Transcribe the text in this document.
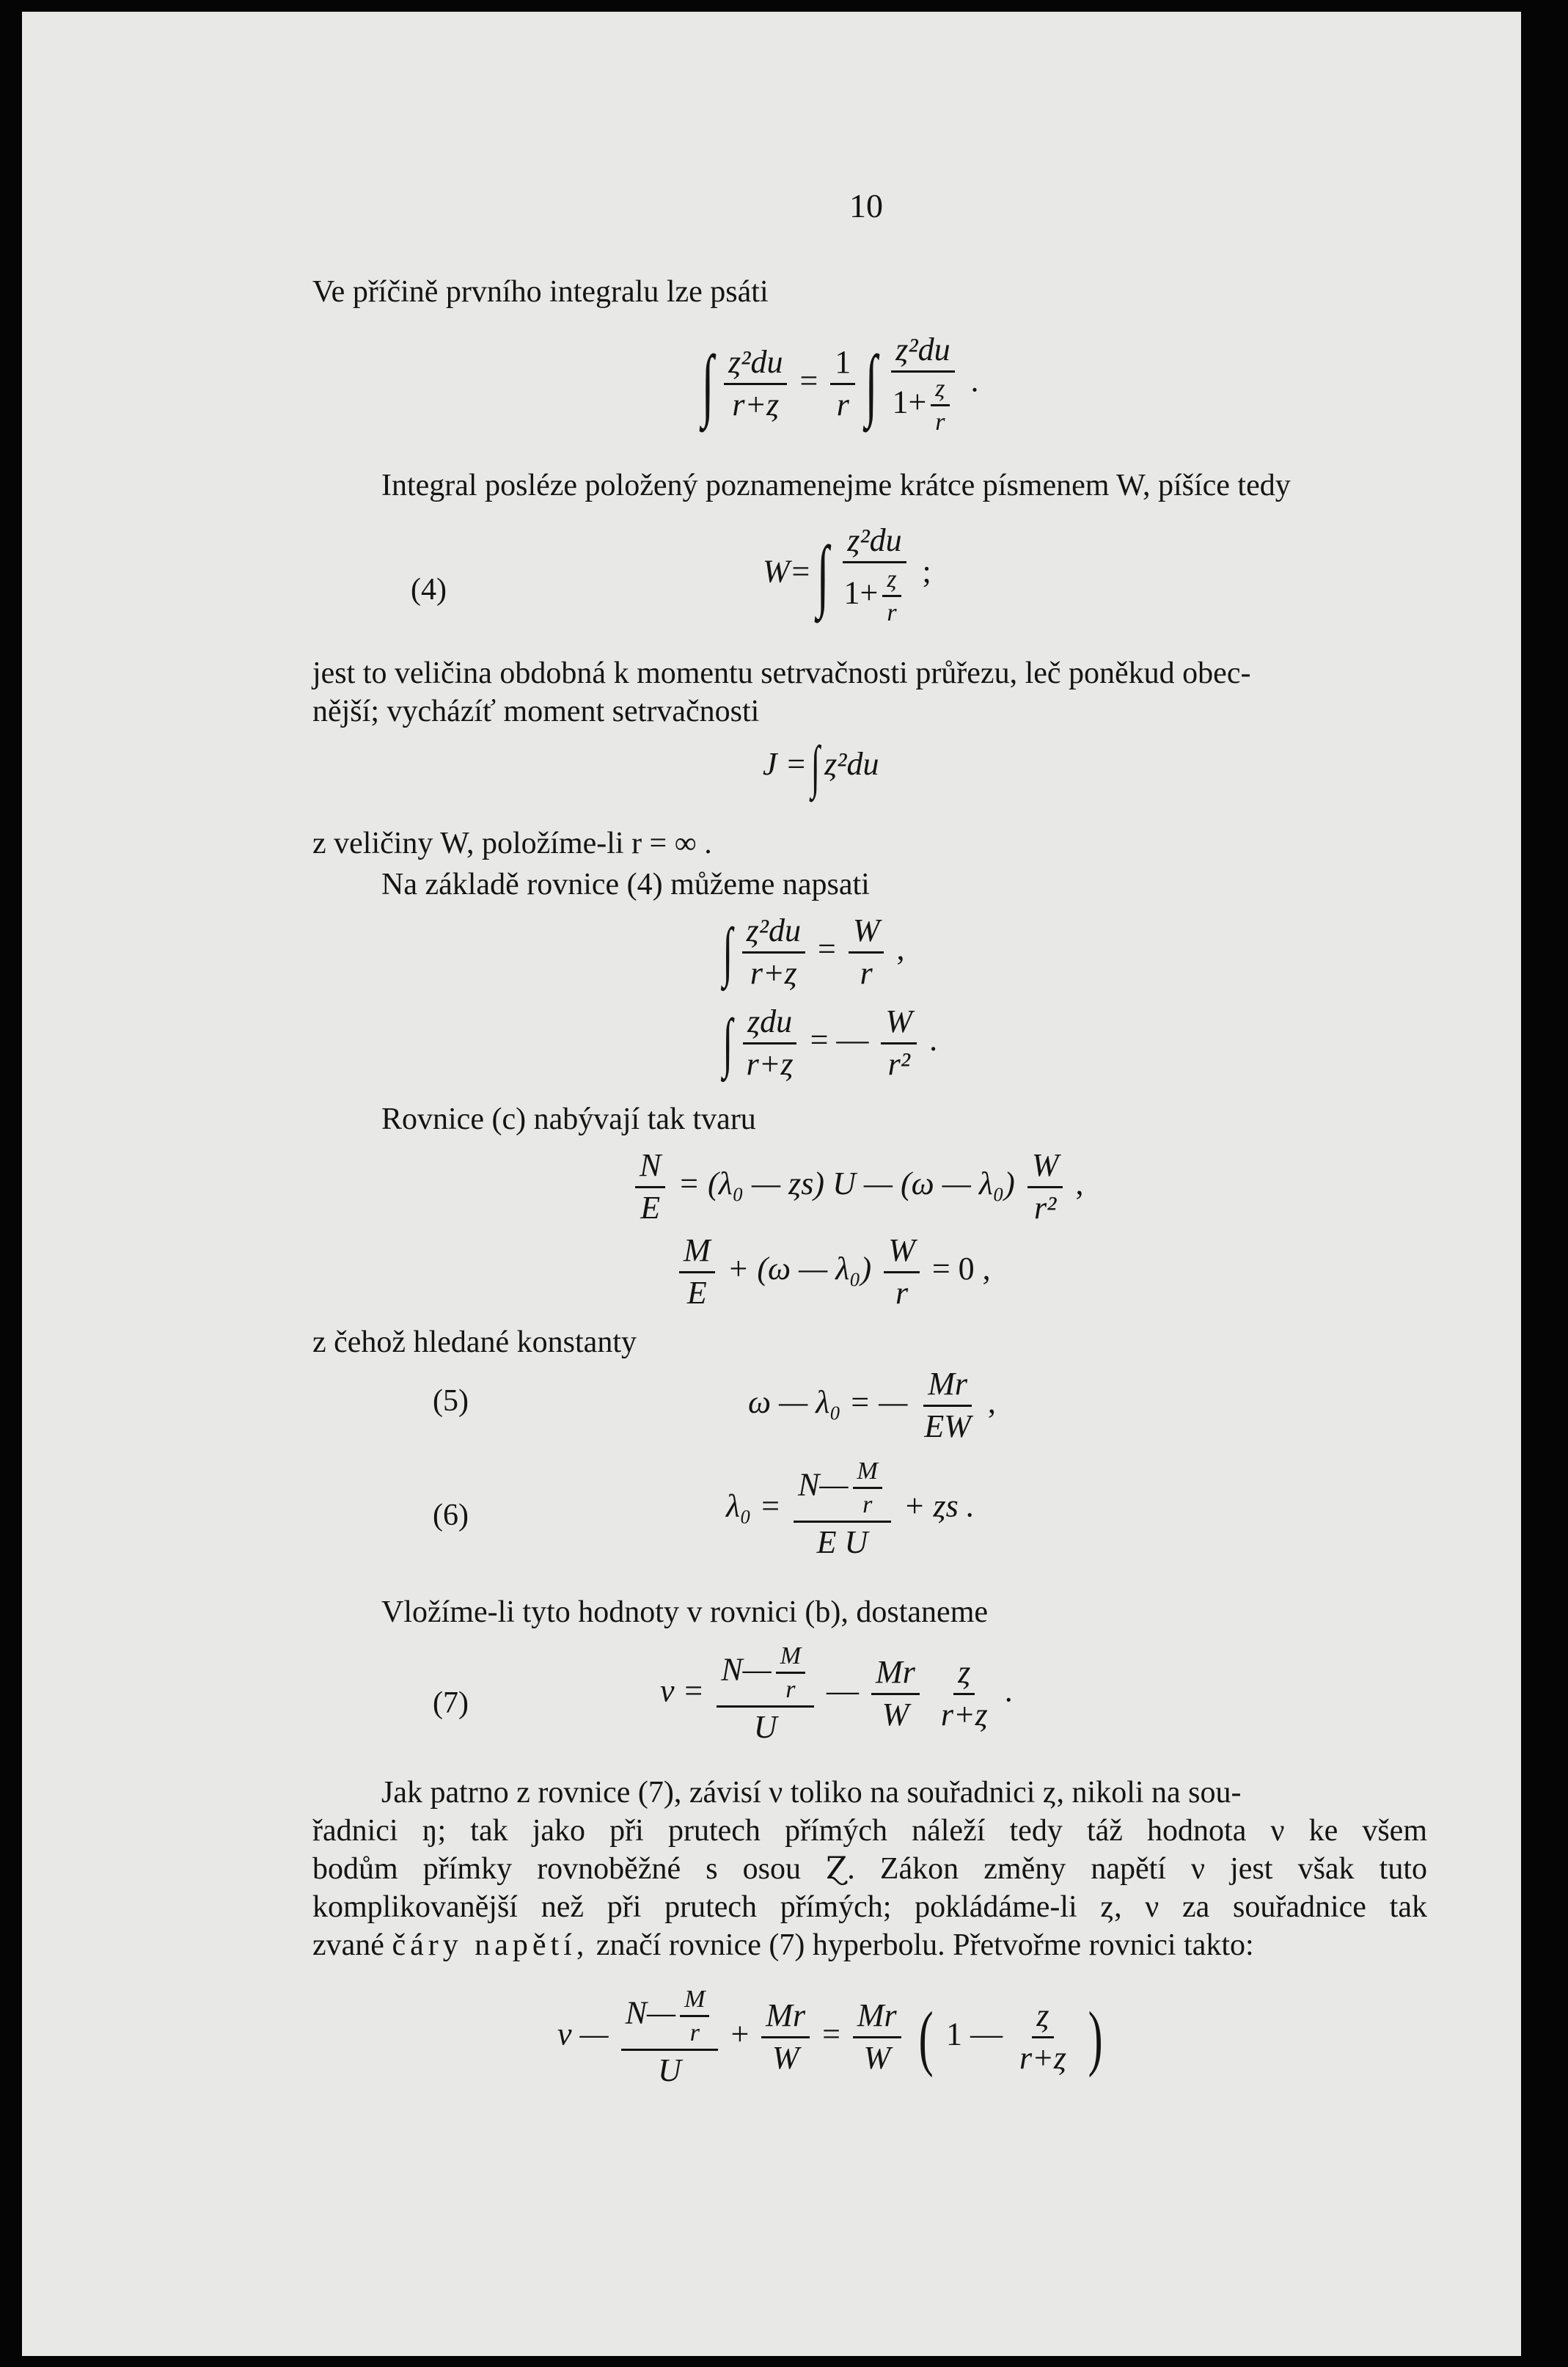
10
Ve příčině prvního integralu lze psáti
∫ $\frac{\text{ȥ²du}}{r+ȥ} = \frac{1}{r}$ ∫ $\frac{\text{ȥ²du}}{1+ \frac{ȥ}{r}}$ .
Integral posléze položený poznamenejme krátce písmenem W, píšíce tedy
(4)
W= ∫ $\frac{\text{ȥ²du}}{1+ \frac{ȥ}{r}}$ ;
jest to veličina obdobná k momentu setrvačnosti průřezu, leč poněkud obec-
nější; vycházíť moment setrvačnosti
J = ∫ ȥ²du
z veličiny W, položíme-li r = ∞ .
Na základě rovnice (4) můžeme napsati
∫ $\frac{\text{ȥ²du}}{r+ȥ} = \frac{W}{r}$ ,
∫ $\frac{\text{ȥdu}}{r+ȥ}$ = — $\frac{W}{\text{r²}}$ .
Rovnice (c) nabývají tak tvaru
$\frac{N}{E} = (\lambda_0$ — ȥs) U — (ω — $\lambda_0) \frac{W}{\text{r²}}$ ,
$\frac{M}{E} + (\omega$ — $\lambda_0) \frac{W}{r} = 0$ ,
z čehož hledané konstanty
(5)	ω — λ₀ = — $\frac{Mr}{EW}$ ,
(6)	$\lambda_0 = \frac{N— \frac{M}{r}}{\text{E U}}$ + ȥs .
Vložíme-li tyto hodnoty v rovnici (b), dostaneme
(7)	$\nu = \frac{N— \frac{M}{r}}{U}$ — $\frac{Mr}{W}$
$\frac{ȥ}{r+ȥ}$ .
Jak patrno z rovnice (7), závisí ν toliko na souřadnici ȥ, nikoli na sou-
řadnici ŋ; tak jako při prutech přímých náleží tedy táž hodnota ν ke všem
bodům přímky rovnoběžné s osou Ɀ. Zákon změny napětí ν jest však tuto
komplikovanější než při prutech přímých; pokládáme-li ȥ, ν za souřadnice tak
zvané čáry napětí, značí rovnice (7) hyperbolu. Přetvořme rovnici takto:
ν — $\frac{N— \frac{M}{r}}{U} + \frac{Mr}{W} = \frac{Mr}{W}$ ( 1 — $\frac{ȥ}{r+ȥ}$ )
